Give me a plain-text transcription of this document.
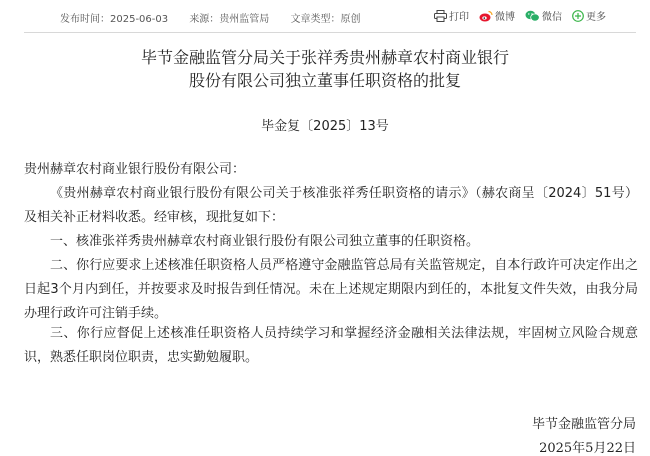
发布时间：2025-06-03 来源：贵州监管局 文章类型：原创	打印	微博	微信 更多
毕节金融监管分局关于张祥秀贵州赫章农村商业银行
股份有限公司独立董事任职资格的批复
毕金复〔2025〕13号
贵州赫章农村商业银行股份有限公司：
《贵州赫章农村商业银行股份有限公司关于核准张祥秀任职资格的请示》（赫农商呈〔2024〕51号）及相关补正材料收悉。经审核，现批复如下：
一、核准张祥秀贵州赫章农村商业银行股份有限公司独立董事的任职资格。
二、你行应要求上述核准任职资格人员严格遵守金融监管总局有关监管规定，自本行政许可决定作出之日起3个月内到任，并按要求及时报告到任情况。未在上述规定期限内到任的，本批复文件失效，由我分局办理行政许可注销手续。
三、你行应督促上述核准任职资格人员持续学习和掌握经济金融相关法律法规，牢固树立风险合规意识，熟悉任职岗位职责，忠实勤勉履职。
毕节金融监管分局
2025年5月22日
